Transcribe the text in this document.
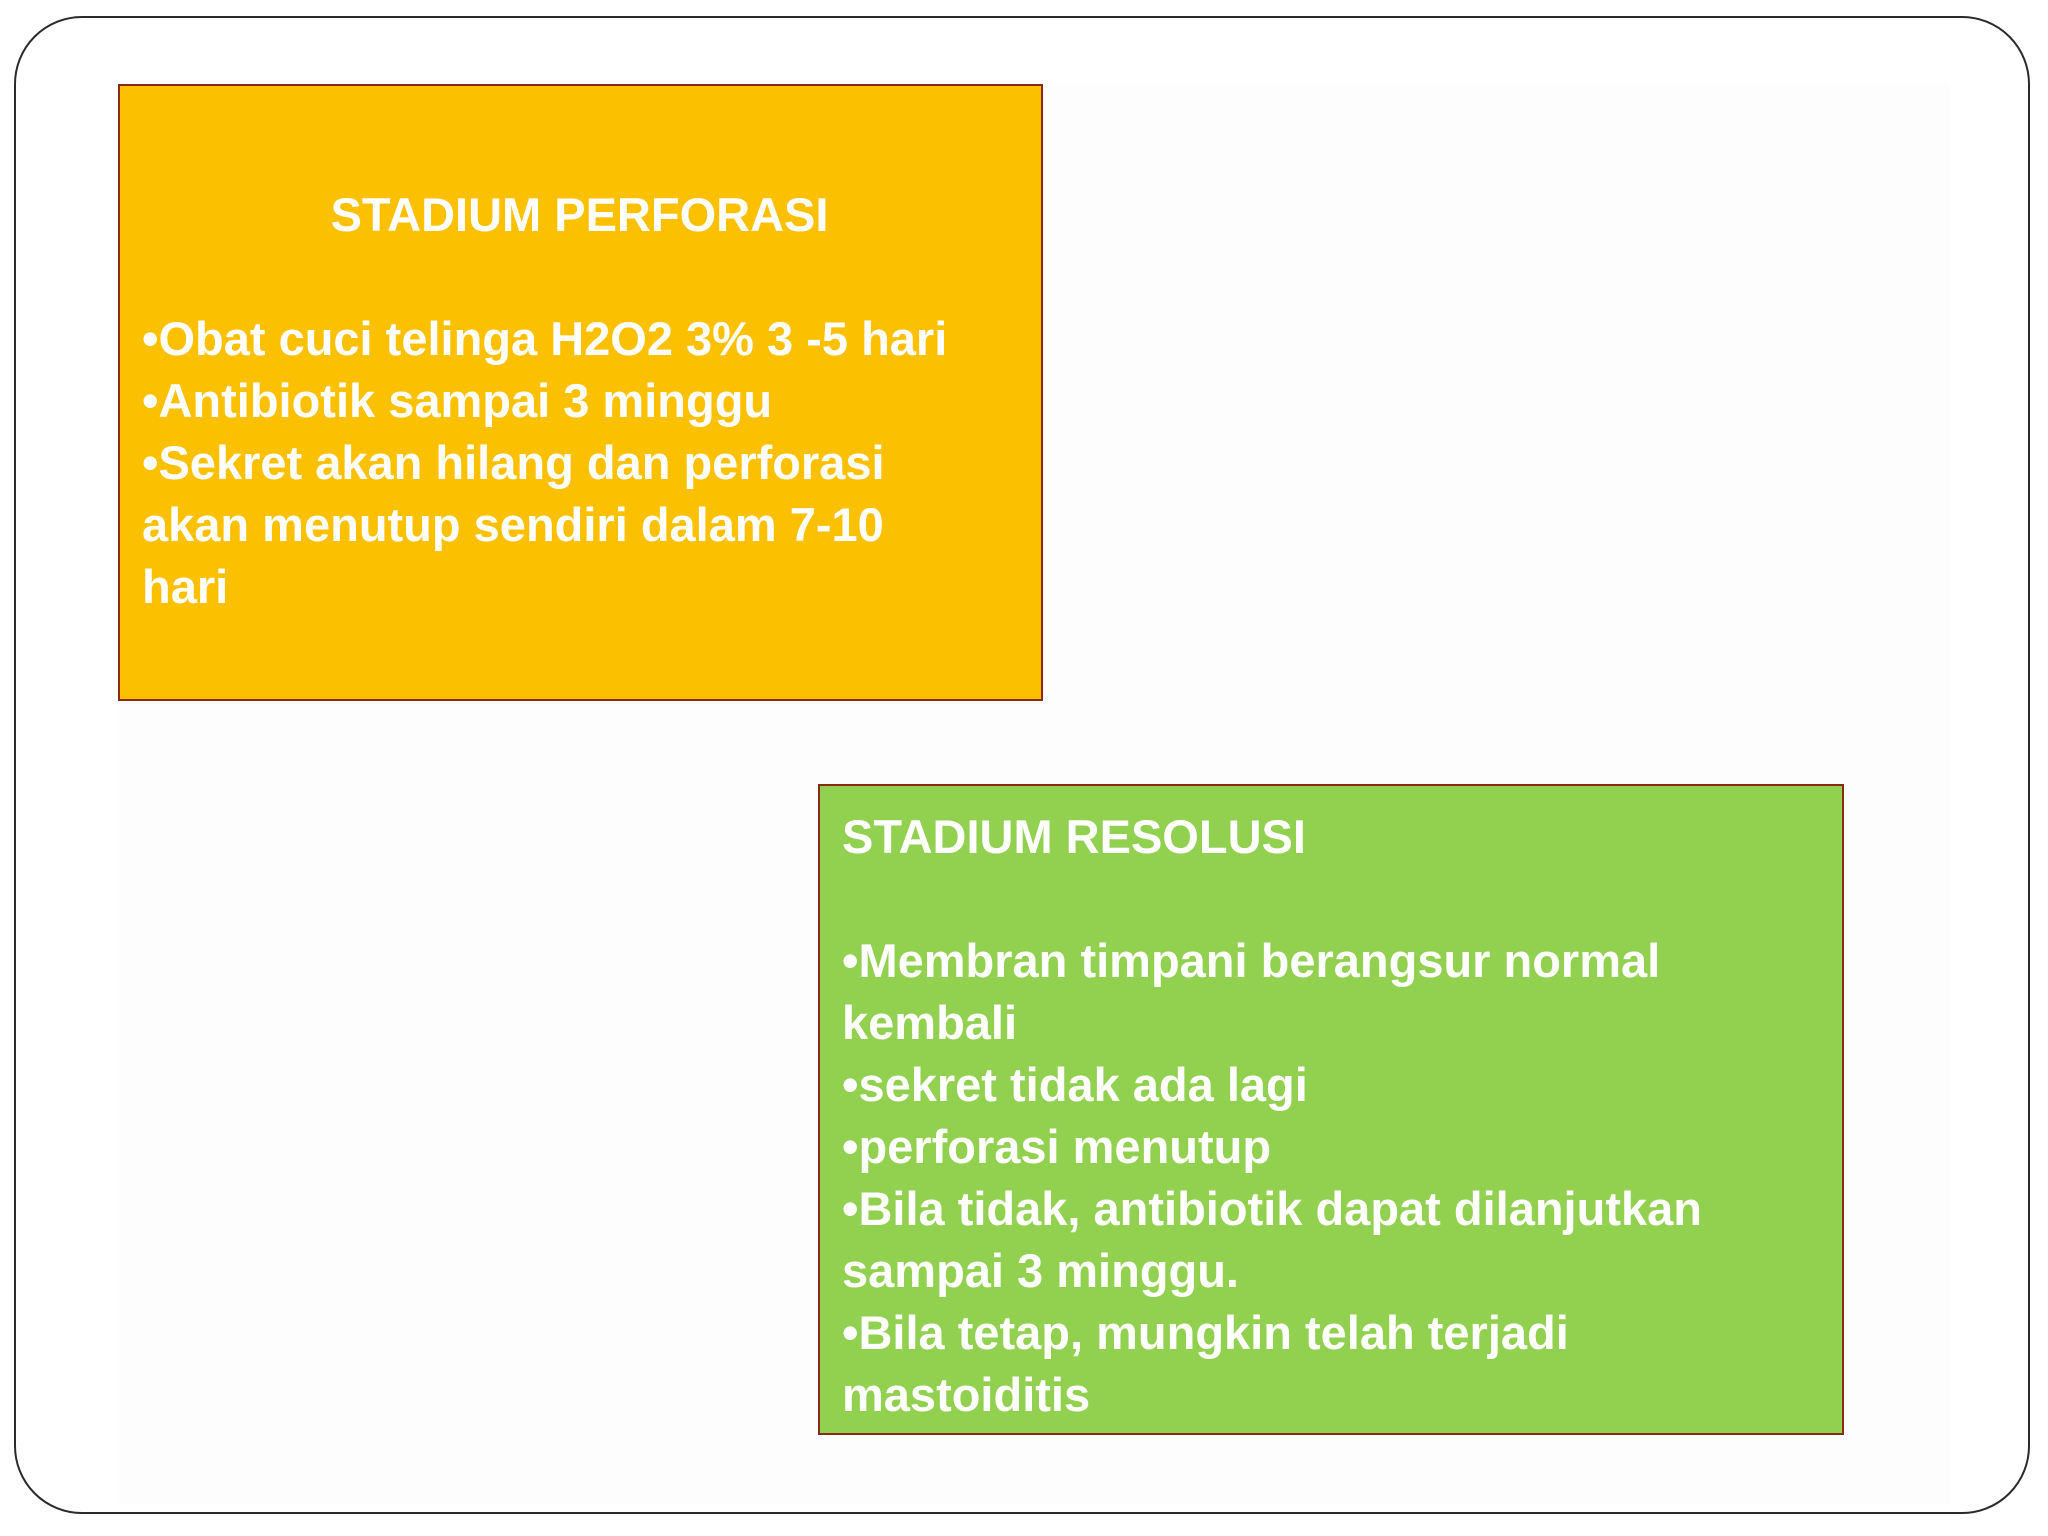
STADIUM PERFORASI

•Obat cuci telinga H2O2 3% 3 -5 hari

•Antibiotik sampai 3 minggu

•Sekret akan hilang dan perforasi akan menutup sendiri dalam 7-10 hari

STADIUM RESOLUSI

•Membran timpani berangsur normal kembali

•sekret tidak ada lagi

•perforasi menutup

•Bila tidak, antibiotik dapat dilanjutkan sampai 3 minggu.

•Bila tetap, mungkin telah terjadi mastoiditis
